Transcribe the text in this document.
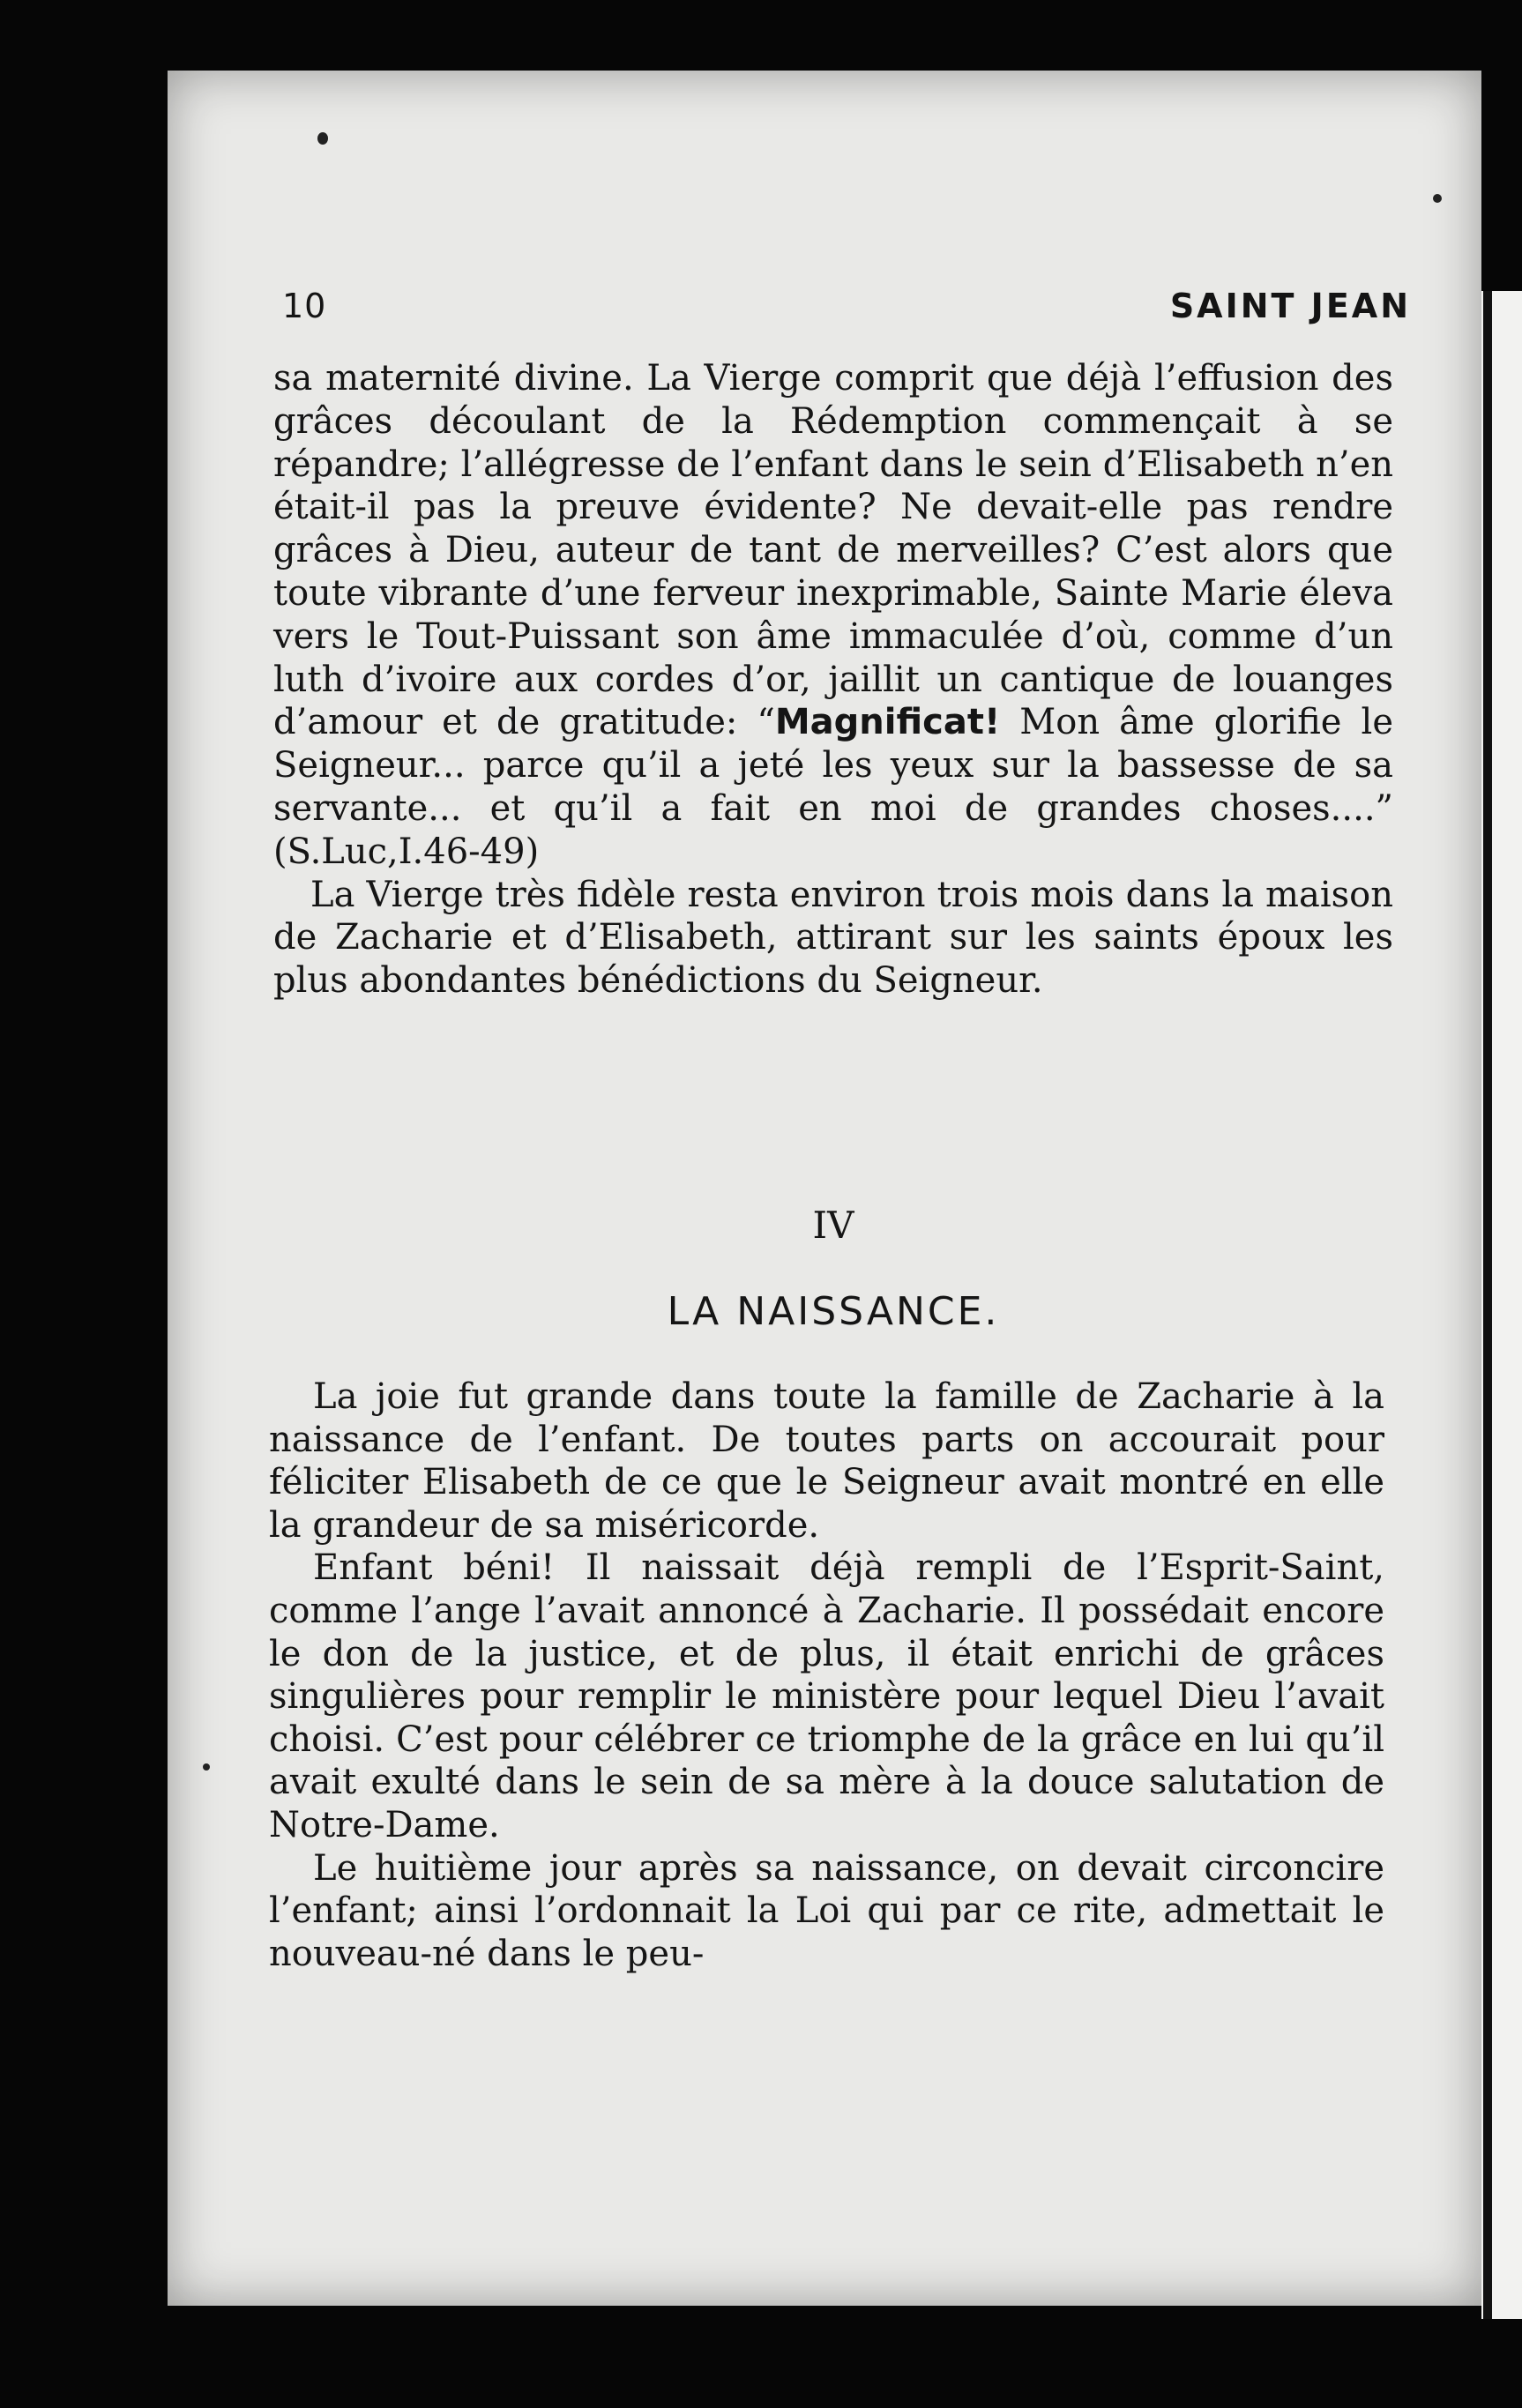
10	SAINT JEAN

sa maternité divine. La Vierge comprit que déjà l’effusion des grâces découlant de la Rédemption commençait à se répandre; l’allégresse de l’enfant dans le sein d’Elisabeth n’en était-il pas la preuve évidente? Ne devait-elle pas rendre grâces à Dieu, auteur de tant de merveilles? C’est alors que toute vibrante d’une ferveur inexprimable, Sainte Marie éleva vers le Tout-Puissant son âme immaculée d’où, comme d’un luth d’ivoire aux cordes d’or, jaillit un cantique de louanges d’amour et de gratitude: “Magnificat! Mon âme glorifie le Seigneur... parce qu’il a jeté les yeux sur la bassesse de sa servante... et qu’il a fait en moi de grandes choses....” (S.Luc,I.46-49)

La Vierge très fidèle resta environ trois mois dans la maison de Zacharie et d’Elisabeth, attirant sur les saints époux les plus abondantes bénédictions du Seigneur.

IV
LA NAISSANCE.

La joie fut grande dans toute la famille de Zacharie à la naissance de l’enfant. De toutes parts on accourait pour féliciter Elisabeth de ce que le Seigneur avait montré en elle la grandeur de sa miséricorde.

Enfant béni! Il naissait déjà rempli de l’Esprit-Saint, comme l’ange l’avait annoncé à Zacharie. Il possédait encore le don de la justice, et de plus, il était enrichi de grâces singulières pour remplir le ministère pour lequel Dieu l’avait choisi. C’est pour célébrer ce triomphe de la grâce en lui qu’il avait exulté dans le sein de sa mère à la douce salutation de Notre-Dame.

Le huitième jour après sa naissance, on devait circoncire l’enfant; ainsi l’ordonnait la Loi qui par ce rite, admettait le nouveau-né dans le peu-
